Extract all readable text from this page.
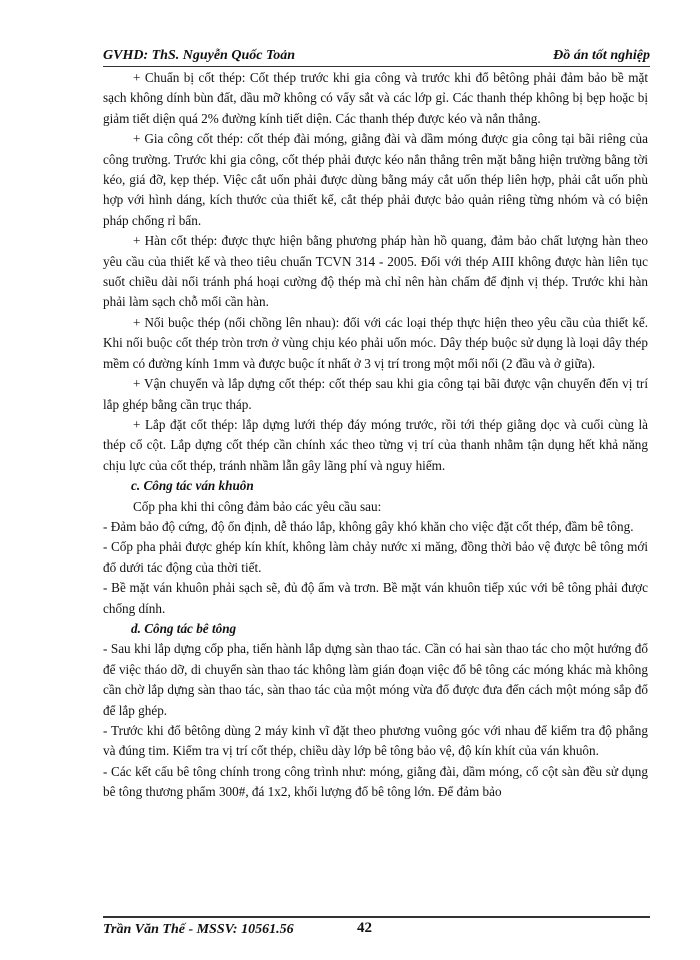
GVHD: ThS. Nguyễn Quốc Toản	Đồ án tốt nghiệp

+ Chuẩn bị cốt thép: Cốt thép trước khi gia công và trước khi đổ bêtông phải đảm bảo bề mặt sạch không dính bùn đất, dầu mỡ không có vẩy sắt và các lớp gỉ. Các thanh thép không bị bẹp hoặc bị giảm tiết diện quá 2% đường kính tiết diện. Các thanh thép được kéo và nắn thẳng.

+ Gia công cốt thép: cốt thép đài móng, giằng đài và dầm móng được gia công tại bãi riêng của công trường. Trước khi gia công, cốt thép phải được kéo nắn thẳng trên mặt bằng hiện trường bằng tời kéo, giá đỡ, kẹp thép. Việc cắt uốn phải được dùng bằng máy cắt uốn thép liên hợp, phải cắt uốn phù hợp với hình dáng, kích thước của thiết kế, cắt thép phải được bảo quản riêng từng nhóm và có biện pháp chống rỉ bẩn.

+ Hàn cốt thép: được thực hiện bằng phương pháp hàn hồ quang, đảm bảo chất lượng hàn theo yêu cầu của thiết kế và theo tiêu chuẩn TCVN 314 - 2005. Đối với thép AIII không được hàn liên tục suốt chiều dài nối tránh phá hoại cường độ thép mà chỉ nên hàn chấm để định vị thép. Trước khi hàn phải làm sạch chỗ mối cần hàn.

+ Nối buộc thép (nối chồng lên nhau): đối với các loại thép thực hiện theo yêu cầu của thiết kế. Khi nối buộc cốt thép tròn trơn ở vùng chịu kéo phải uốn móc. Dây thép buộc sử dụng là loại dây thép mềm có đường kính 1mm và được buộc ít nhất ở 3 vị trí trong một mối nối (2 đầu và ở giữa).

+ Vận chuyển và lắp dựng cốt thép: cốt thép sau khi gia công tại bãi được vận chuyển đến vị trí lắp ghép bằng cần trục tháp.

+ Lắp đặt cốt thép: lắp dựng lưới thép đáy móng trước, rồi tới thép giằng dọc và cuối cùng là thép cổ cột. Lắp dựng cốt thép cần chính xác theo từng vị trí của thanh nhằm tận dụng hết khả năng chịu lực của cốt thép, tránh nhầm lẫn gây lãng phí và nguy hiểm.

c. Công tác ván khuôn

Cốp pha khi thi công đảm bảo các yêu cầu sau:

- Đảm bảo độ cứng, độ ổn định, dễ tháo lắp, không gây khó khăn cho việc đặt cốt thép, đầm bê tông.

- Cốp pha phải được ghép kín khít, không làm chảy nước xi măng, đồng thời bảo vệ được bê tông mới đổ dưới tác động của thời tiết.

- Bề mặt ván khuôn phải sạch sẽ, đủ độ ẩm và trơn. Bề mặt ván khuôn tiếp xúc với bê tông phải được chống dính.

d. Công tác bê tông

- Sau khi lắp dựng cốp pha, tiến hành lắp dựng sàn thao tác. Cần có hai sàn thao tác cho một hướng đổ để việc tháo dỡ, di chuyển sàn thao tác không làm gián đoạn việc đổ bê tông các móng khác mà không cần chờ lắp dựng sàn thao tác, sàn thao tác của một móng vừa đổ được đưa đến cách một móng sắp đổ để lắp ghép.

- Trước khi đổ bêtông dùng 2 máy kinh vĩ đặt theo phương vuông góc với nhau để kiểm tra độ phẳng và đúng tim. Kiểm tra vị trí cốt thép, chiều dày lớp bê tông bảo vệ, độ kín khít của ván khuôn.

- Các kết cấu bê tông chính trong công trình như: móng, giằng đài, dầm móng, cổ cột sàn đều sử dụng bê tông thương phẩm 300#, đá 1x2, khối lượng đổ bê tông lớn. Để đảm bảo

Trần Văn Thế - MSSV: 10561.56	42
